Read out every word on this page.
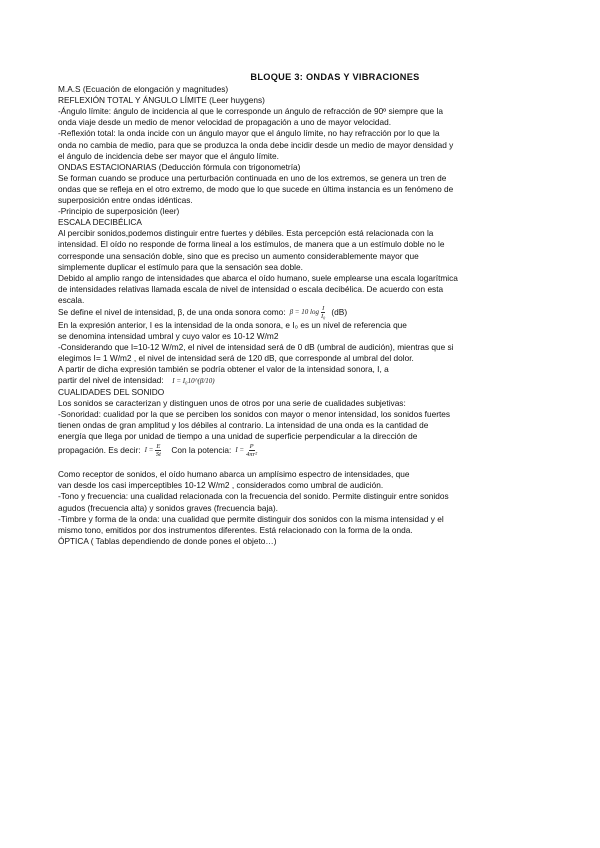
BLOQUE 3: ONDAS Y VIBRACIONES
M.A.S (Ecuación de elongación y magnitudes)
REFLEXIÓN TOTAL Y ÁNGULO LÍMITE (Leer huygens)
-Ángulo límite: ángulo de incidencia al que le corresponde un ángulo de refracción de 90º siempre que la
onda viaje desde un medio de menor velocidad de propagación a uno de mayor velocidad.
-Reflexión total: la onda incide con un ángulo mayor que el ángulo límite, no hay refracción por lo que la
onda no cambia de medio, para que se produzca la onda debe incidir desde un medio de mayor densidad y
el ángulo de incidencia debe ser mayor que el ángulo límite.
ONDAS ESTACIONARIAS (Deducción fórmula con trigonometría)
Se forman cuando se produce una perturbación continuada en uno de los extremos, se genera un tren de
ondas que se refleja en el otro extremo, de modo que lo que sucede en última instancia es un fenómeno de
superposición entre ondas idénticas.
-Principio de superposición (leer)
ESCALA DECIBÉLICA
Al percibir sonidos,podemos distinguir entre fuertes y débiles. Esta percepción está relacionada con la
intensidad. El oído no responde de forma lineal a los estímulos, de manera que a un estímulo doble no le
corresponde una sensación doble, sino que es preciso un aumento considerablemente mayor que
simplemente duplicar el estímulo para que la sensación sea doble.
Debido al amplio rango de intensidades que abarca el oído humano, suele emplearse una escala logarítmica
de intensidades relativas llamada escala de nivel de intensidad o escala decibélica. De acuerdo con esta
escala.
Se define el nivel de intensidad, β, de una onda sonora como: β = 10 $\log \frac{I}{\text{I₀}} (dB)$
En la expresión anterior, I es la intensidad de la onda sonora, e I₀ es un nivel de referencia que
se denomina intensidad umbral y cuyo valor es 10-12 W/m2
-Considerando que I=10-12 W/m2, el nivel de intensidad será de 0 dB (umbral de audición), mientras que si
elegimos I= 1 W/m2 , el nivel de intensidad será de 120 dB, que corresponde al umbral del dolor.
A partir de dicha expresión también se podría obtener el valor de la intensidad sonora, I, a
partir del nivel de intensidad: I = I₀10^(β/10)
CUALIDADES DEL SONIDO
Los sonidos se caracterizan y distinguen unos de otros por una serie de cualidades subjetivas:
-Sonoridad: cualidad por la que se perciben los sonidos con mayor o menor intensidad, los sonidos fuertes
tienen ondas de gran amplitud y los débiles al contrario. La intensidad de una onda es la cantidad de
energía que llega por unidad de tiempo a una unidad de superficie perpendicular a la dirección de
propagación. Es decir: $I = \frac{E}{St}$ Con la potencia: $I = \frac{P}{\text{4πr²}}$
Como receptor de sonidos, el oído humano abarca un amplísimo espectro de intensidades, que
van desde los casi imperceptibles 10-12 W/m2 , considerados como umbral de audición.
-Tono y frecuencia: una cualidad relacionada con la frecuencia del sonido. Permite distinguir entre sonidos
agudos (frecuencia alta) y sonidos graves (frecuencia baja).
-Timbre y forma de la onda: una cualidad que permite distinguir dos sonidos con la misma intensidad y el
mismo tono, emitidos por dos instrumentos diferentes. Está relacionado con la forma de la onda.
ÓPTICA ( Tablas dependiendo de donde pones el objeto…)
